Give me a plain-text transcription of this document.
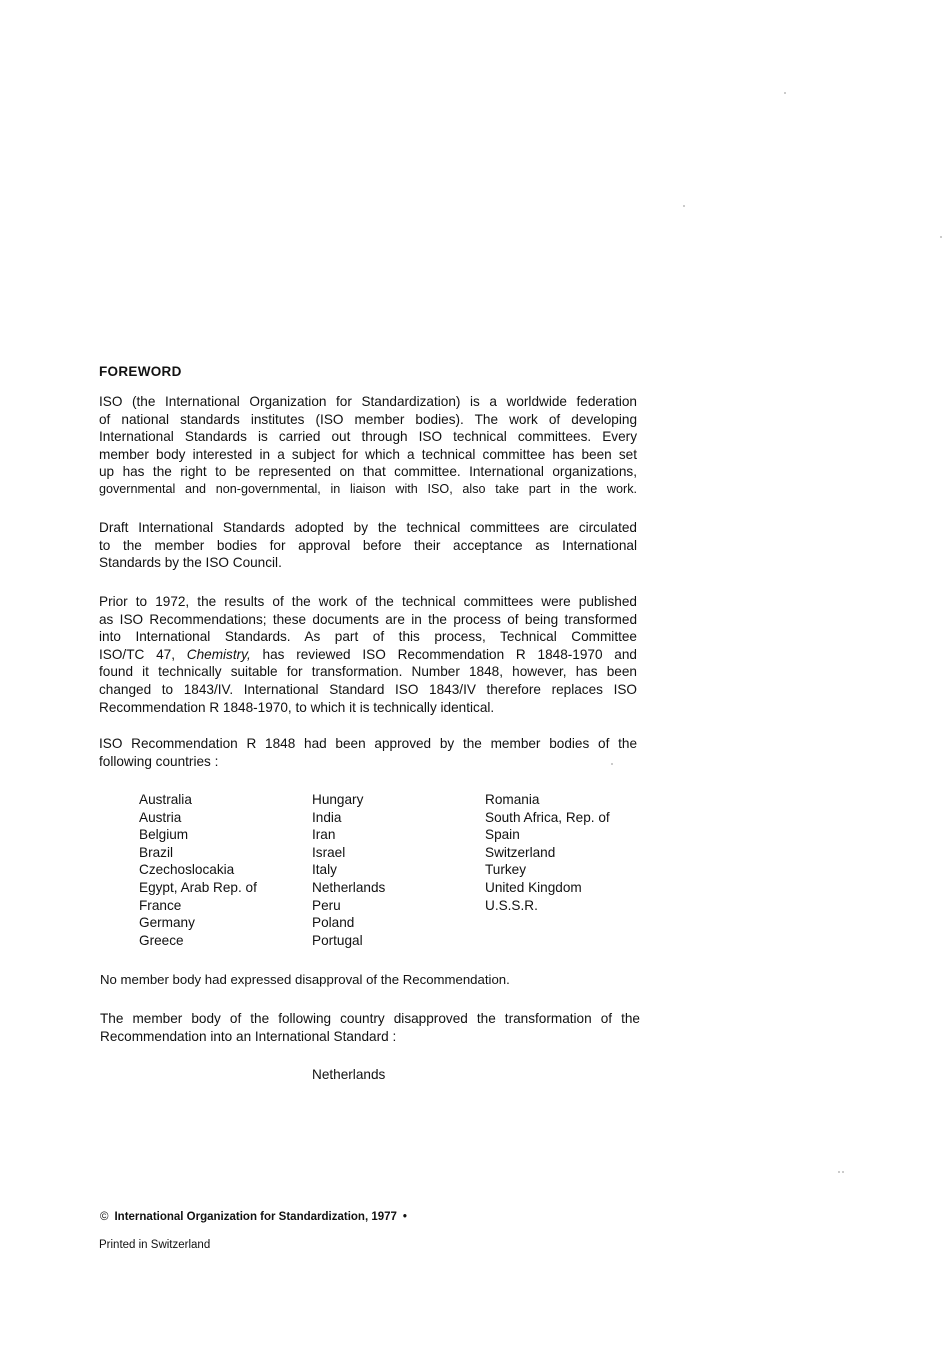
FOREWORD
ISO (the International Organization for Standardization) is a worldwide federation
of national standards institutes (ISO member bodies). The work of developing
International Standards is carried out through ISO technical committees. Every
member body interested in a subject for which a technical committee has been set
up has the right to be represented on that committee. International organizations,
governmental and non-governmental, in liaison with ISO, also take part in the work.
Draft International Standards adopted by the technical committees are circulated
to the member bodies for approval before their acceptance as International
Standards by the ISO Council.
Prior to 1972, the results of the work of the technical committees were published
as ISO Recommendations; these documents are in the process of being transformed
into International Standards. As part of this process, Technical Committee
ISO/TC 47, Chemistry, has reviewed ISO Recommendation R 1848-1970 and
found it technically suitable for transformation. Number 1848, however, has been
changed to 1843/IV. International Standard ISO 1843/IV therefore replaces ISO
Recommendation R 1848-1970, to which it is technically identical.
ISO Recommendation R 1848 had been approved by the member bodies of the
following countries :
Australia
Austria
Belgium
Brazil
Czechoslocakia
Egypt, Arab Rep. of
France
Germany
Greece
Hungary
India
Iran
Israel
Italy
Netherlands
Peru
Poland
Portugal
Romania
South Africa, Rep. of
Spain
Switzerland
Turkey
United Kingdom
U.S.S.R.
No member body had expressed disapproval of the Recommendation.
The member body of the following country disapproved the transformation of the
Recommendation into an International Standard :
Netherlands
© International Organization for Standardization, 1977 •
Printed in Switzerland
